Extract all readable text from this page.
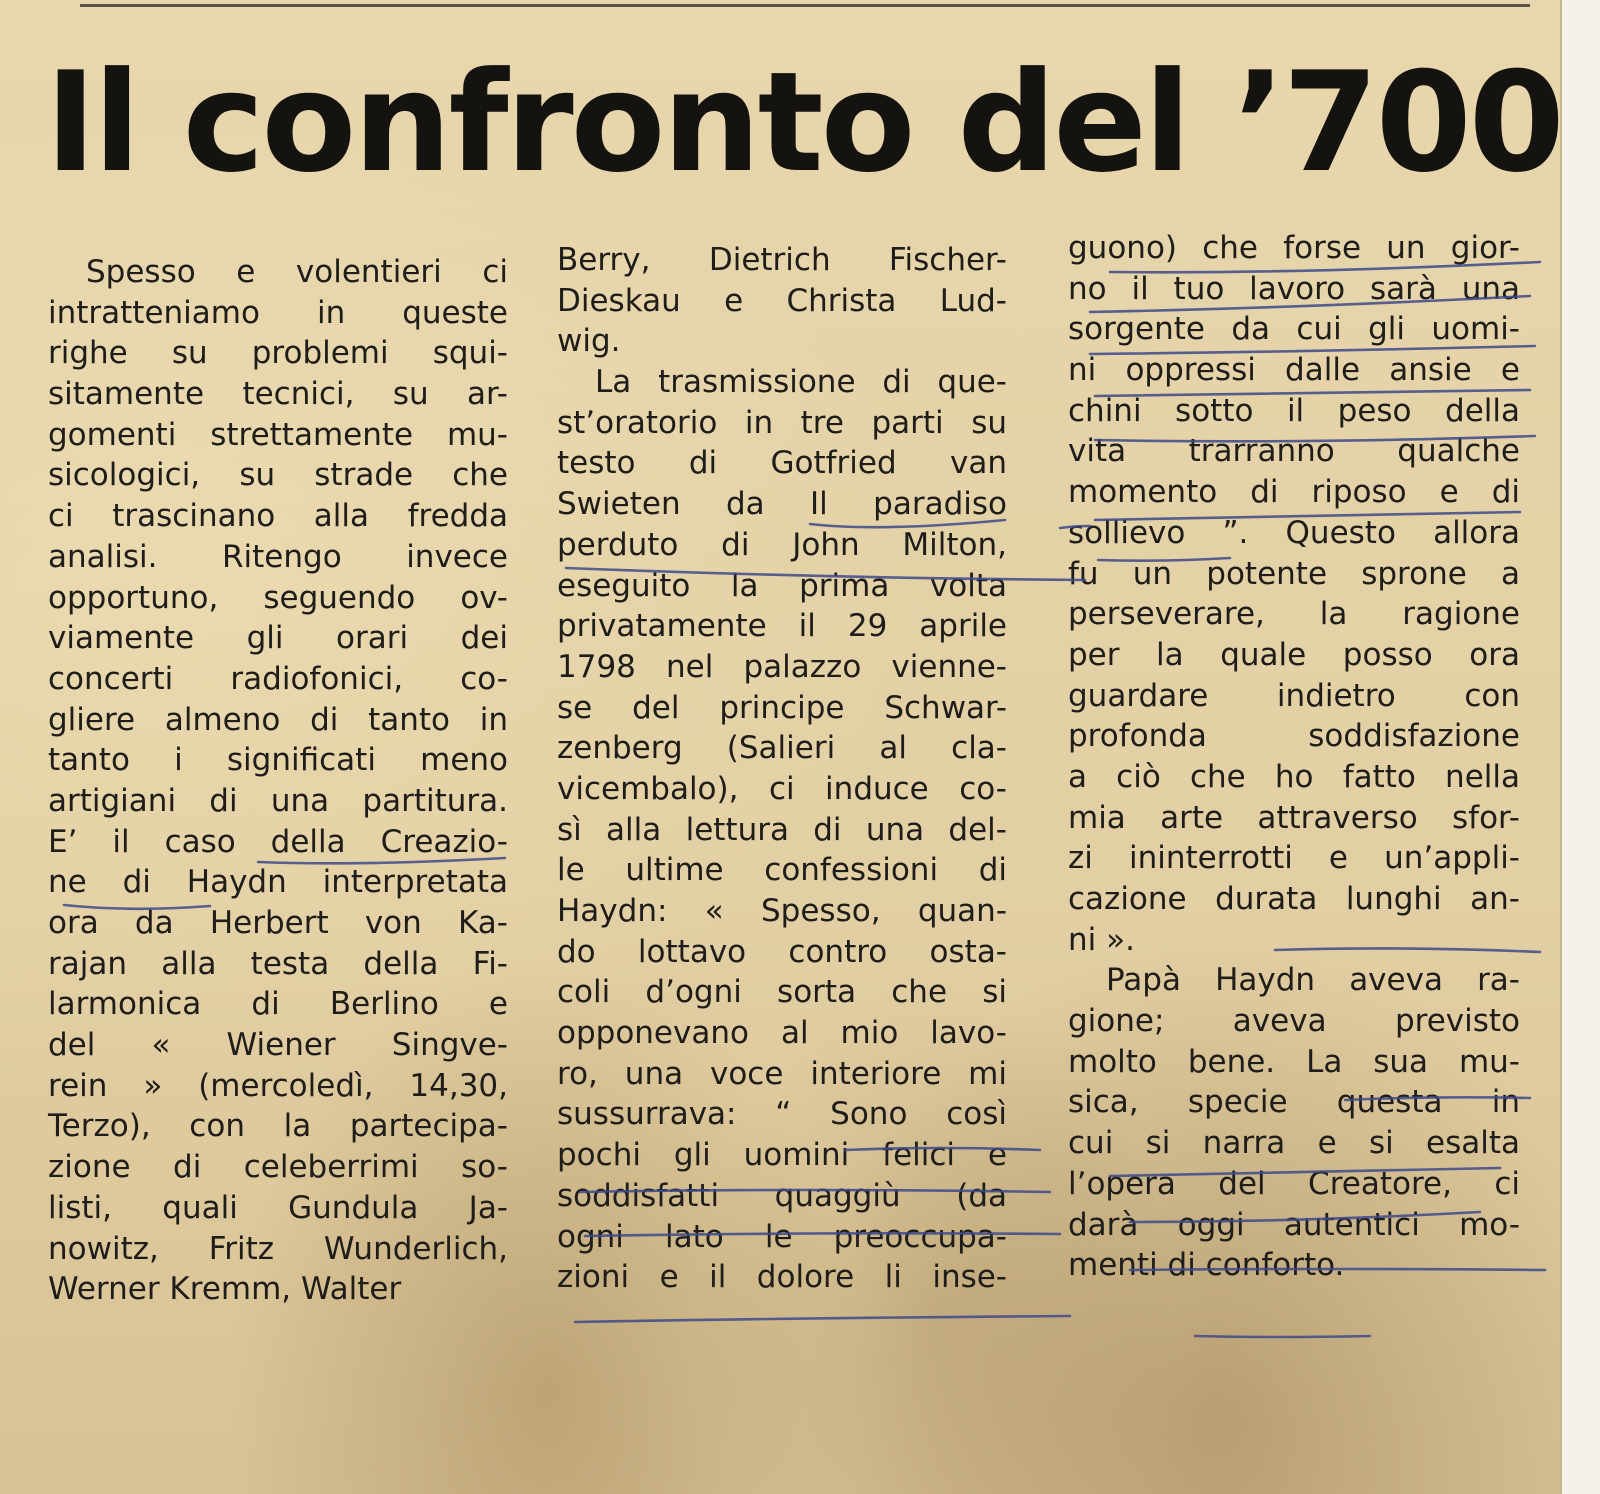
Il confronto del ’700
Spesso e volentieri ci
intratteniamo in queste
righe su problemi squi-
sitamente tecnici, su ar-
gomenti strettamente mu-
sicologici, su strade che
ci trascinano alla fredda
analisi. Ritengo invece
opportuno, seguendo ov-
viamente gli orari dei
concerti radiofonici, co-
gliere almeno di tanto in
tanto i significati meno
artigiani di una partitura.
E’ il caso della Creazio-
ne di Haydn interpretata
ora da Herbert von Ka-
rajan alla testa della Fi-
larmonica di Berlino e
del « Wiener Singve-
rein » (mercoledì, 14,30,
Terzo), con la partecipa-
zione di celeberrimi so-
listi, quali Gundula Ja-
nowitz, Fritz Wunderlich,
Werner Kremm, Walter
Berry, Dietrich Fischer-
Dieskau e Christa Lud-
wig.
La trasmissione di que-
st’oratorio in tre parti su
testo di Gotfried van
Swieten da Il paradiso
perduto di John Milton,
eseguito la prima volta
privatamente il 29 aprile
1798 nel palazzo vienne-
se del principe Schwar-
zenberg (Salieri al cla-
vicembalo), ci induce co-
sì alla lettura di una del-
le ultime confessioni di
Haydn: « Spesso, quan-
do lottavo contro osta-
coli d’ogni sorta che si
opponevano al mio lavo-
ro, una voce interiore mi
sussurrava: “ Sono così
pochi gli uomini felici e
soddisfatti quaggiù (da
ogni lato le preoccupa-
zioni e il dolore li inse-
guono) che forse un gior-
no il tuo lavoro sarà una
sorgente da cui gli uomi-
ni oppressi dalle ansie e
chini sotto il peso della
vita trarranno qualche
momento di riposo e di
sollievo ”. Questo allora
fu un potente sprone a
perseverare, la ragione
per la quale posso ora
guardare indietro con
profonda soddisfazione
a ciò che ho fatto nella
mia arte attraverso sfor-
zi ininterrotti e un’appli-
cazione durata lunghi an-
ni ».
Papà Haydn aveva ra-
gione; aveva previsto
molto bene. La sua mu-
sica, specie questa in
cui si narra e si esalta
l’opera del Creatore, ci
darà oggi autentici mo-
menti di conforto.
